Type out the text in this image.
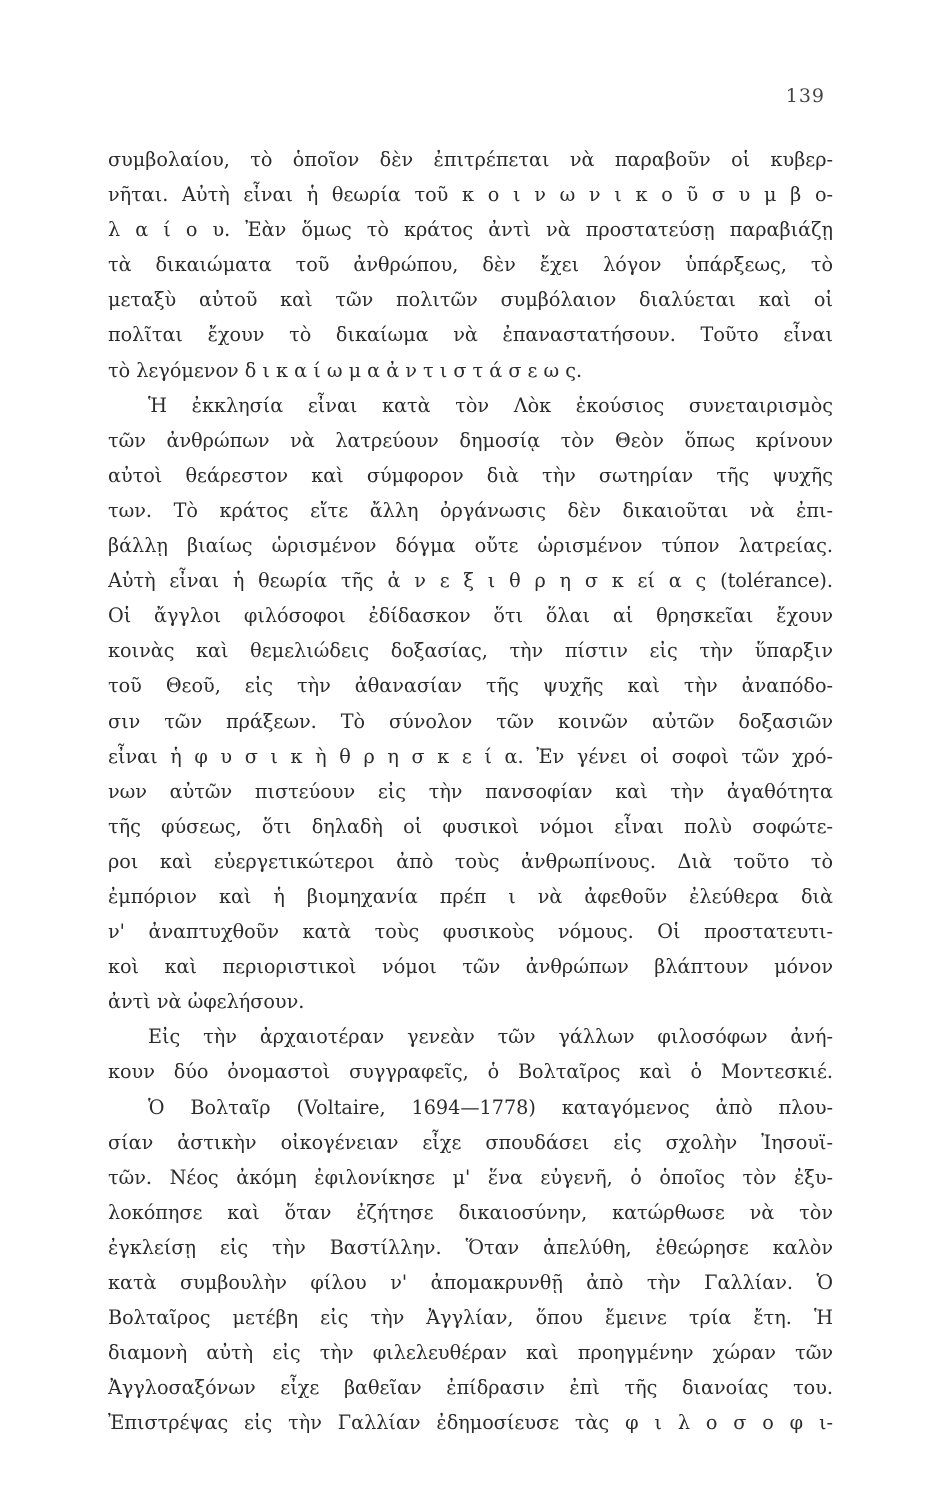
139
συμβολαίου, τὸ ὁποῖον δὲν ἐπιτρέπεται νὰ παραβοῦν οἱ κυβερ-
νῆται. Αὐτὴ εἶναι ἡ θεωρία τοῦ κ ο ι ν ω ν ι κ ο ῦ σ υ μ β ο-
λ α ί ο υ. Ἐὰν ὅμως τὸ κράτος ἀντὶ νὰ προστατεύσῃ παραβιάζῃ
τὰ δικαιώματα τοῦ ἀνθρώπου, δὲν ἔχει λόγον ὑπάρξεως, τὸ
μεταξὺ αὐτοῦ καὶ τῶν πολιτῶν συμβόλαιον διαλύεται καὶ οἱ
πολῖται ἔχουν τὸ δικαίωμα νὰ ἐπαναστατήσουν. Τοῦτο εἶναι
τὸ λεγόμενον δ ι κ α ί ω μ α ἀ ν τ ι σ τ ά σ ε ω ς.
Ἡ ἐκκλησία εἶναι κατὰ τὸν Λὸκ ἑκούσιος συνεταιρισμὸς
τῶν ἀνθρώπων νὰ λατρεύουν δημοσίᾳ τὸν Θεὸν ὅπως κρίνουν
αὐτοὶ θεάρεστον καὶ σύμφορον διὰ τὴν σωτηρίαν τῆς ψυχῆς
των. Τὸ κράτος εἴτε ἄλλη ὀργάνωσις δὲν δικαιοῦται νὰ ἐπι-
βάλλῃ βιαίως ὡρισμένον δόγμα οὔτε ὡρισμένον τύπον λατρείας.
Αὐτὴ εἶναι ἡ θεωρία τῆς ἀ ν ε ξ ι θ ρ η σ κ εί α ς (tolérance).
Οἱ ἄγγλοι φιλόσοφοι ἐδίδασκον ὅτι ὅλαι αἱ θρησκεῖαι ἔχουν
κοινὰς καὶ θεμελιώδεις δοξασίας, τὴν πίστιν εἰς τὴν ὕπαρξιν
τοῦ Θεοῦ, εἰς τὴν ἀθανασίαν τῆς ψυχῆς καὶ τὴν ἀναπόδο-
σιν τῶν πράξεων. Τὸ σύνολον τῶν κοινῶν αὐτῶν δοξασιῶν
εἶναι ἡ φ υ σ ι κ ὴ θ ρ η σ κ ε ί α. Ἐν γένει οἱ σοφοὶ τῶν χρό-
νων αὐτῶν πιστεύουν εἰς τὴν πανσοφίαν καὶ τὴν ἀγαθότητα
τῆς φύσεως, ὅτι δηλαδὴ οἱ φυσικοὶ νόμοι εἶναι πολὺ σοφώτε-
ροι καὶ εὐεργετικώτεροι ἀπὸ τοὺς ἀνθρωπίνους. Διὰ τοῦτο τὸ
ἐμπόριον καὶ ἡ βιομηχανία πρέπ ι νὰ ἀφεθοῦν ἐλεύθερα διὰ
ν' ἀναπτυχθοῦν κατὰ τοὺς φυσικοὺς νόμους. Οἱ προστατευτι-
κοὶ καὶ περιοριστικοὶ νόμοι τῶν ἀνθρώπων βλάπτουν μόνον
ἀντὶ νὰ ὠφελήσουν.
Εἰς τὴν ἀρχαιοτέραν γενεὰν τῶν γάλλων φιλοσόφων ἀνή-
κουν δύο ὀνομαστοὶ συγγραφεῖς, ὁ Βολταῖρος καὶ ὁ Μοντεσκιέ.
Ὁ Βολταῖρ (Voltaire, 1694—1778) καταγόμενος ἀπὸ πλου-
σίαν ἀστικὴν οἰκογένειαν εἶχε σπουδάσει εἰς σχολὴν Ἰησουϊ-
τῶν. Νέος ἀκόμη ἐφιλονίκησε μ' ἕνα εὐγενῆ, ὁ ὁποῖος τὸν ἐξυ-
λοκόπησε καὶ ὅταν ἐζήτησε δικαιοσύνην, κατώρθωσε νὰ τὸν
ἐγκλείσῃ εἰς τὴν Βαστίλλην. Ὅταν ἀπελύθη, ἐθεώρησε καλὸν
κατὰ συμβουλὴν φίλου ν' ἀπομακρυνθῇ ἀπὸ τὴν Γαλλίαν. Ὁ
Βολταῖρος μετέβη εἰς τὴν Ἀγγλίαν, ὅπου ἔμεινε τρία ἔτη. Ἡ
διαμονὴ αὐτὴ εἰς τὴν φιλελευθέραν καὶ προηγμένην χώραν τῶν
Ἀγγλοσαξόνων εἶχε βαθεῖαν ἐπίδρασιν ἐπὶ τῆς διανοίας του.
Ἐπιστρέψας εἰς τὴν Γαλλίαν ἐδημοσίευσε τὰς φ ι λ ο σ ο φ ι-
